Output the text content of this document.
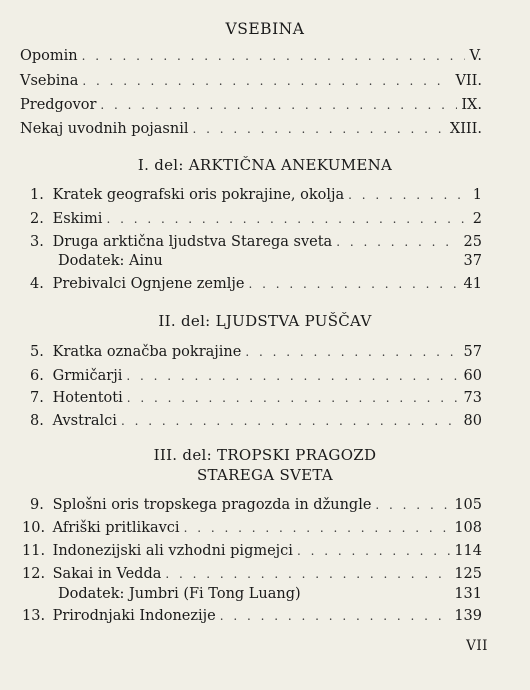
VSEBINA
Opomin . . .	V.
Vsebina . . .	VII.
Predgovor . . .	IX.
Nekaj uvodnih pojasnil . . .	XIII.
I. del: ARKTIČNA ANEKUMENA
1. Kratek geografski oris pokrajine, okolja . . .	1
2. Eskimi . . .	2
3. Druga arktična ljudstva Starega sveta . . .	25
Dodatek: Ainu	37
4. Prebivalci Ognjene zemlje . . .	41
II. del: LJUDSTVA PUŠČAV
5. Kratka označba pokrajine . . .	57
6. Grmičarji . . .	60
7. Hotentoti . . .	73
8. Avstralci . . .	80
III. del: TROPSKI PRAGOZD
STAREGA SVETA
9. Splošni oris tropskega pragozda in džungle . . .	105
10. Afriški pritlikavci . . .	108
11. Indonezijski ali vzhodni pigmejci . . .	114
12. Sakai in Vedda . . .	125
Dodatek: Jumbri (Fi Tong Luang)	131
13. Prirodnjaki Indonezije . . .	139
VII
